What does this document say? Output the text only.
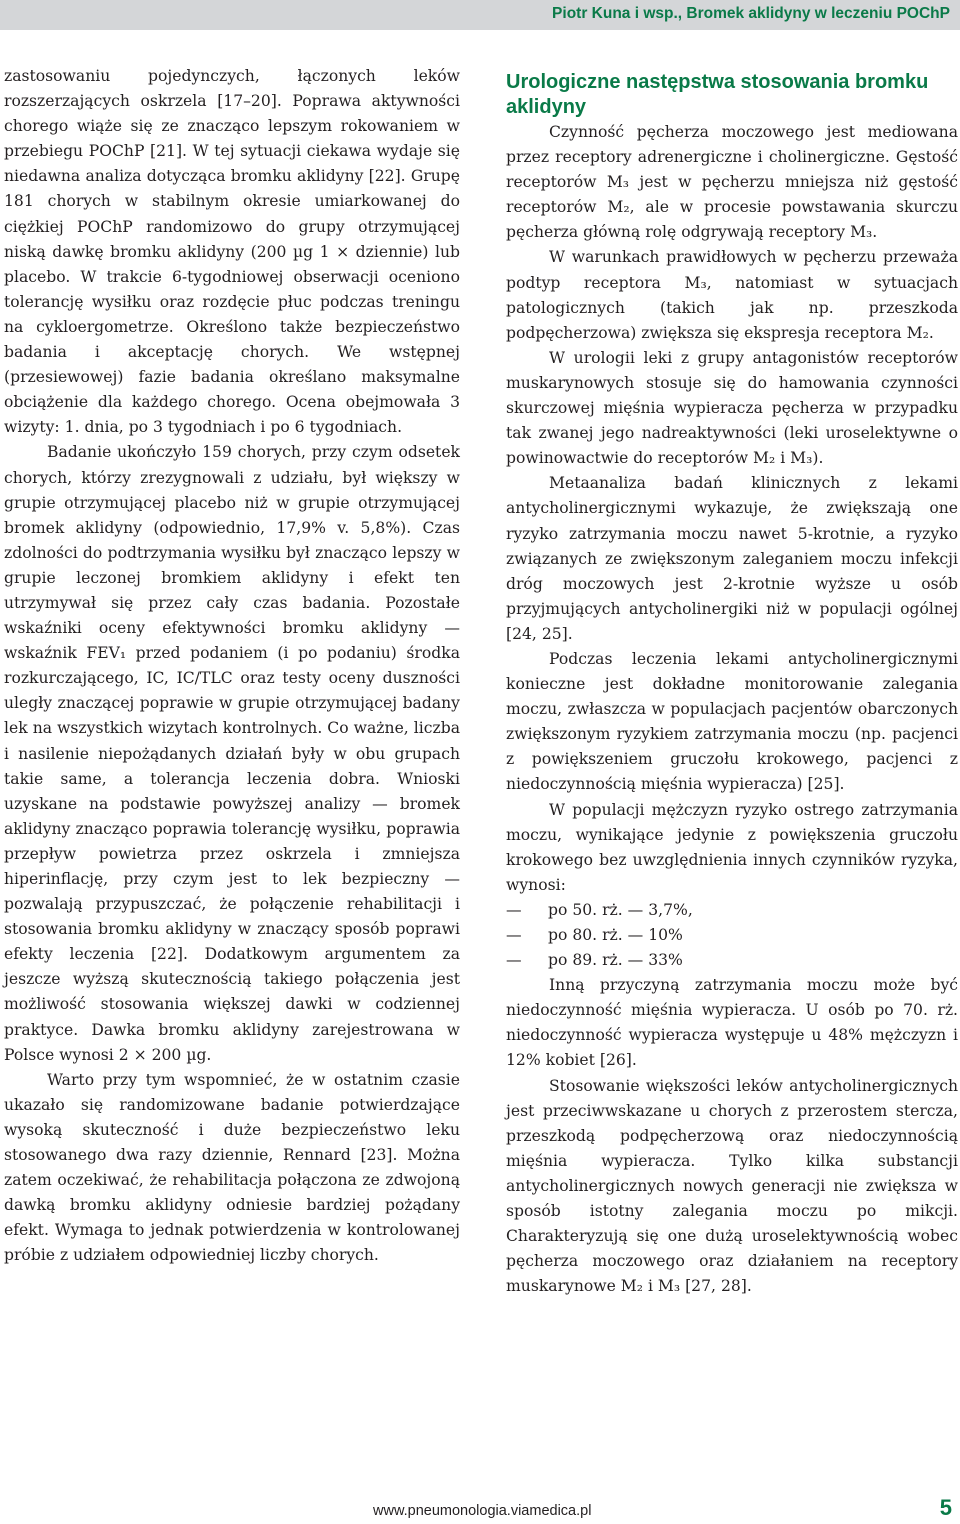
Piotr Kuna i wsp., Bromek aklidyny w leczeniu POChP

zastosowaniu pojedynczych, łączonych leków rozszerzających oskrzela [17–20]. Poprawa aktywności chorego wiąże się ze znacząco lepszym rokowaniem w przebiegu POChP [21]. W tej sytuacji ciekawa wydaje się niedawna analiza dotycząca bromku aklidyny [22]. Grupę 181 chorych w stabilnym okresie umiarkowanej do ciężkiej POChP randomizowo do grupy otrzymującej niską dawkę bromku aklidyny (200 µg 1 × dziennie) lub placebo. W trakcie 6-tygodniowej obserwacji oceniono tolerancję wysiłku oraz rozdęcie płuc podczas treningu na cykloergometrze. Określono także bezpieczeństwo badania i akceptację chorych. We wstępnej (przesiewowej) fazie badania określano maksymalne obciążenie dla każdego chorego. Ocena obejmowała 3 wizyty: 1. dnia, po 3 tygodniach i po 6 tygodniach.

Badanie ukończyło 159 chorych, przy czym odsetek chorych, którzy zrezygnowali z udziału, był większy w grupie otrzymującej placebo niż w grupie otrzymującej bromek aklidyny (odpowiednio, 17,9% v. 5,8%). Czas zdolności do podtrzymania wysiłku był znacząco lepszy w grupie leczonej bromkiem aklidyny i efekt ten utrzymywał się przez cały czas badania. Pozostałe wskaźniki oceny efektywności bromku aklidyny — wskaźnik FEV₁ przed podaniem (i po podaniu) środka rozkurczającego, IC, IC/TLC oraz testy oceny duszności uległy znaczącej poprawie w grupie otrzymującej badany lek na wszystkich wizytach kontrolnych. Co ważne, liczba i nasilenie niepożądanych działań były w obu grupach takie same, a tolerancja leczenia dobra. Wnioski uzyskane na podstawie powyższej analizy — bromek aklidyny znacząco poprawia tolerancję wysiłku, poprawia przepływ powietrza przez oskrzela i zmniejsza hiperinflację, przy czym jest to lek bezpieczny — pozwalają przypuszczać, że połączenie rehabilitacji i stosowania bromku aklidyny w znaczący sposób poprawi efekty leczenia [22]. Dodatkowym argumentem za jeszcze wyższą skutecznością takiego połączenia jest możliwość stosowania większej dawki w codziennej praktyce. Dawka bromku aklidyny zarejestrowana w Polsce wynosi 2 × 200 µg.

Warto przy tym wspomnieć, że w ostatnim czasie ukazało się randomizowane badanie potwierdzające wysoką skuteczność i duże bezpieczeństwo leku stosowanego dwa razy dziennie, Rennard [23]. Można zatem oczekiwać, że rehabilitacja połączona ze zdwojoną dawką bromku aklidyny odniesie bardziej pożądany efekt. Wymaga to jednak potwierdzenia w kontrolowanej próbie z udziałem odpowiedniej liczby chorych.

Urologiczne następstwa stosowania bromku aklidyny

Czynność pęcherza moczowego jest mediowana przez receptory adrenergiczne i cholinergiczne. Gęstość receptorów M₃ jest w pęcherzu mniejsza niż gęstość receptorów M₂, ale w procesie powstawania skurczu pęcherza główną rolę odgrywają receptory M₃.

W warunkach prawidłowych w pęcherzu przeważa podtyp receptora M₃, natomiast w sytuacjach patologicznych (takich jak np. przeszkoda podpęcherzowa) zwiększa się ekspresja receptora M₂.

W urologii leki z grupy antagonistów receptorów muskarynowych stosuje się do hamowania czynności skurczowej mięśnia wypieracza pęcherza w przypadku tak zwanej jego nadreaktywności (leki uroselektywne o powinowactwie do receptorów M₂ i M₃).

Metaanaliza badań klinicznych z lekami antycholinergicznymi wykazuje, że zwiększają one ryzyko zatrzymania moczu nawet 5-krotnie, a ryzyko związanych ze zwiększonym zaleganiem moczu infekcji dróg moczowych jest 2-krotnie wyższe u osób przyjmujących antycholinergiki niż w populacji ogólnej [24, 25].

Podczas leczenia lekami antycholinergicznymi konieczne jest dokładne monitorowanie zalegania moczu, zwłaszcza w populacjach pacjentów obarczonych zwiększonym ryzykiem zatrzymania moczu (np. pacjenci z powiększeniem gruczołu krokowego, pacjenci z niedoczynnością mięśnia wypieracza) [25].

W populacji mężczyzn ryzyko ostrego zatrzymania moczu, wynikające jedynie z powiększenia gruczołu krokowego bez uwzględnienia innych czynników ryzyka, wynosi:

—	po 50. rż. — 3,7%,
—	po 80. rż. — 10%
—	po 89. rż. — 33%

Inną przyczyną zatrzymania moczu może być niedoczynność mięśnia wypieracza. U osób po 70. rż. niedoczynność wypieracza występuje u 48% mężczyzn i 12% kobiet [26].

Stosowanie większości leków antycholinergicznych jest przeciwwskazane u chorych z przerostem stercza, przeszkodą podpęcherzową oraz niedoczynnością mięśnia wypieracza. Tylko kilka substancji antycholinergicznych nowych generacji nie zwiększa w sposób istotny zalegania moczu po mikcji. Charakteryzują się one dużą uroselektywnością wobec pęcherza moczowego oraz działaniem na receptory muskarynowe M₂ i M₃ [27, 28].

www.pneumonologia.viamedica.pl	5
